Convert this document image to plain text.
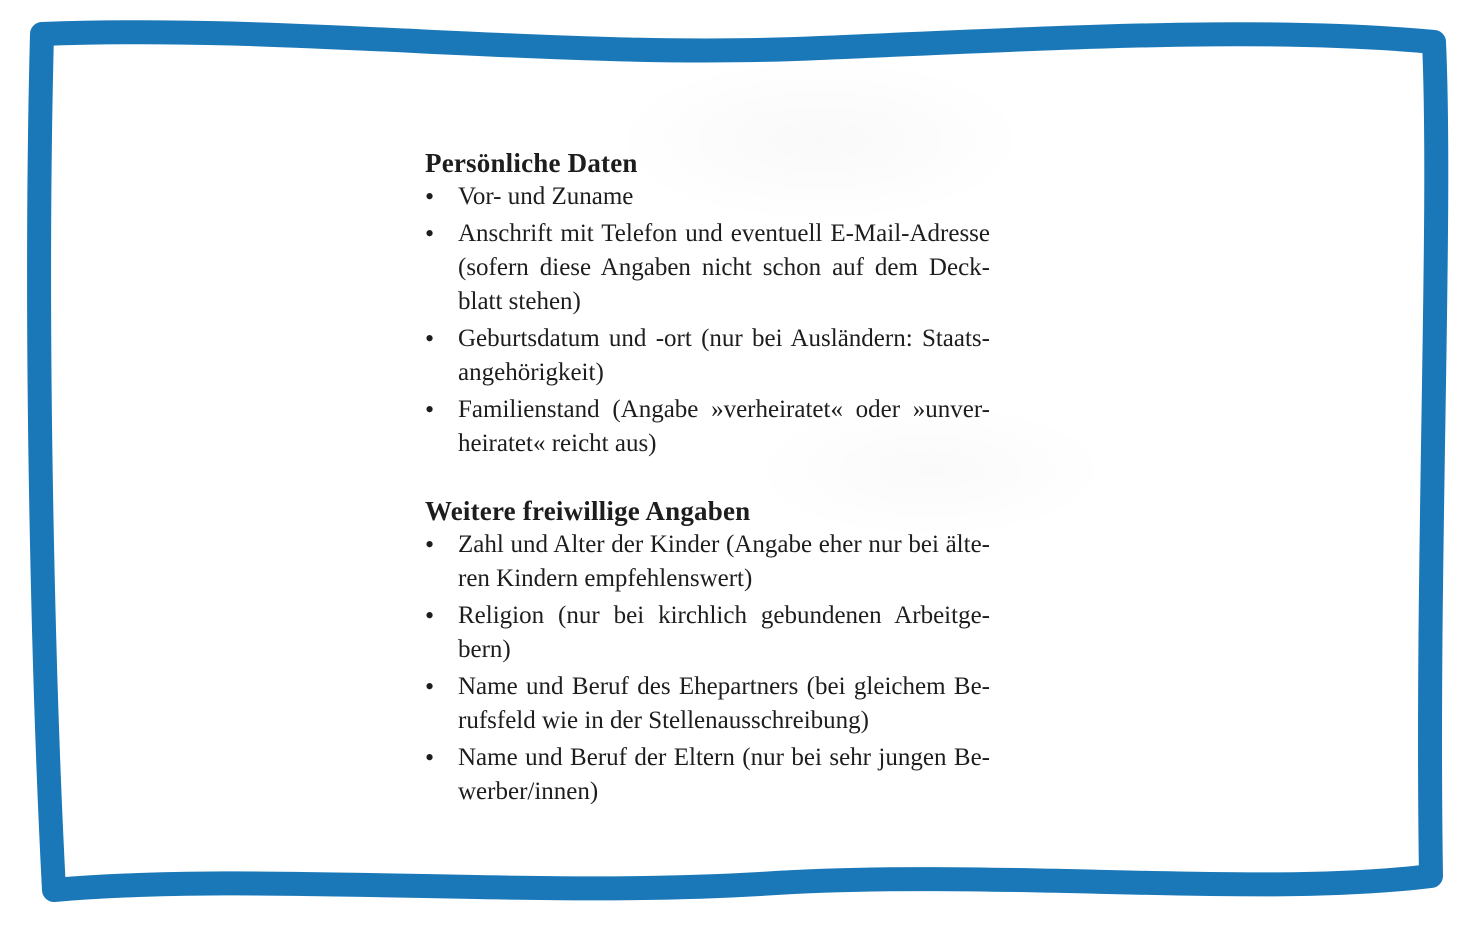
Persönliche Daten
• Vor- und Zuname
• Anschrift mit Telefon und eventuell E-Mail-Adresse
(sofern diese Angaben nicht schon auf dem Deck-
blatt stehen)
• Geburtsdatum und -ort (nur bei Ausländern: Staats-
angehörigkeit)
• Familienstand (Angabe »verheiratet« oder »unver-
heiratet« reicht aus)
Weitere freiwillige Angaben
• Zahl und Alter der Kinder (Angabe eher nur bei älte-
ren Kindern empfehlenswert)
• Religion (nur bei kirchlich gebundenen Arbeitge-
bern)
• Name und Beruf des Ehepartners (bei gleichem Be-
rufsfeld wie in der Stellenausschreibung)
• Name und Beruf der Eltern (nur bei sehr jungen Be-
werber/innen)
